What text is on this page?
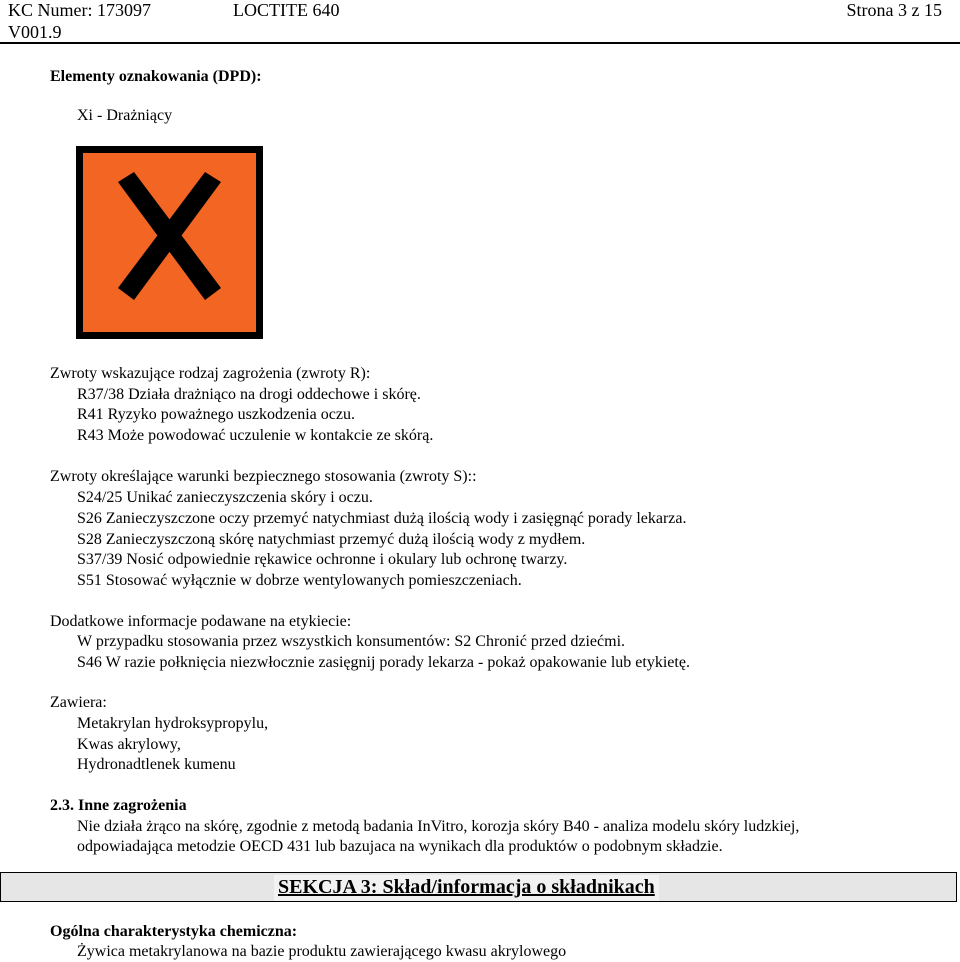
KC Numer: 173097	LOCTITE 640	Strona 3 z 15
V001.9
Elementy oznakowania (DPD):
Xi - Drażniący
Zwroty wskazujące rodzaj zagrożenia (zwroty R):
R37/38 Działa drażniąco na drogi oddechowe i skórę.
R41 Ryzyko poważnego uszkodzenia oczu.
R43 Może powodować uczulenie w kontakcie ze skórą.
Zwroty określające warunki bezpiecznego stosowania (zwroty S)::
S24/25 Unikać zanieczyszczenia skóry i oczu.
S26 Zanieczyszczone oczy przemyć natychmiast dużą ilością wody i zasięgnąć porady lekarza.
S28 Zanieczyszczoną skórę natychmiast przemyć dużą ilością wody z mydłem.
S37/39 Nosić odpowiednie rękawice ochronne i okulary lub ochronę twarzy.
S51 Stosować wyłącznie w dobrze wentylowanych pomieszczeniach.
Dodatkowe informacje podawane na etykiecie:
W przypadku stosowania przez wszystkich konsumentów: S2 Chronić przed dziećmi.
S46 W razie połknięcia niezwłocznie zasięgnij porady lekarza - pokaż opakowanie lub etykietę.
Zawiera:
Metakrylan hydroksypropylu,
Kwas akrylowy,
Hydronadtlenek kumenu
2.3. Inne zagrożenia
Nie działa żrąco na skórę, zgodnie z metodą badania InVitro, korozja skóry B40 - analiza modelu skóry ludzkiej,
odpowiadająca metodzie OECD 431 lub bazujaca na wynikach dla produktów o podobnym składzie.
SEKCJA 3: Skład/informacja o składnikach
Ogólna charakterystyka chemiczna:
Żywica metakrylanowa na bazie produktu zawierającego kwasu akrylowego
